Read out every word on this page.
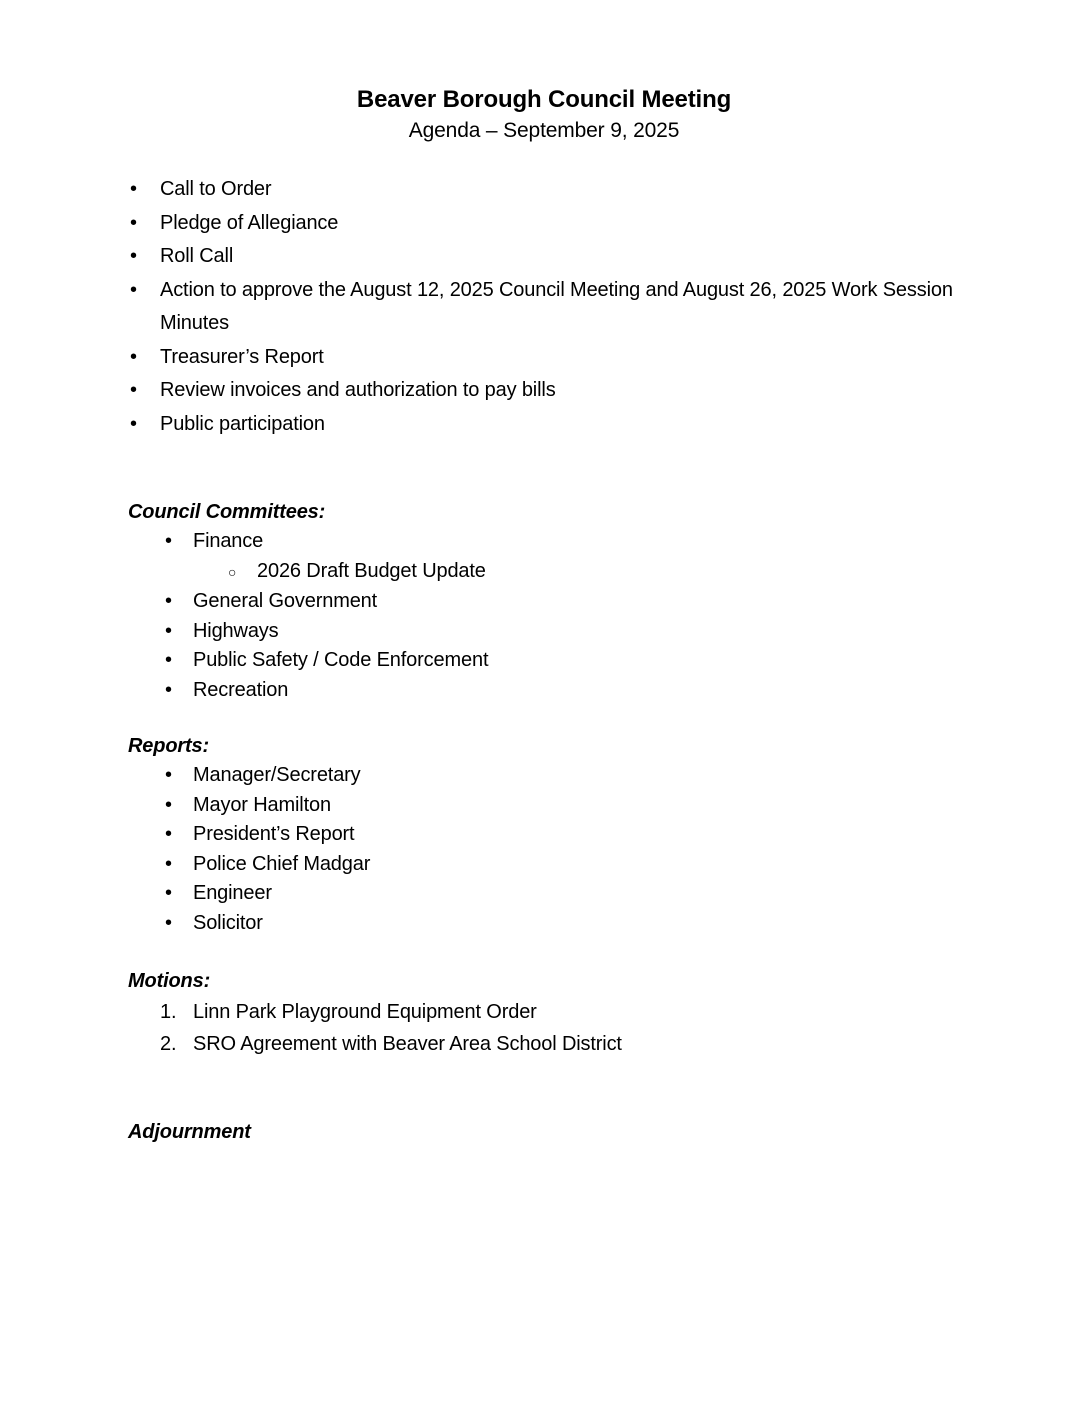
Beaver Borough Council Meeting
Agenda – September 9, 2025
•	Call to Order
•	Pledge of Allegiance
•	Roll Call
•	Action to approve the August 12, 2025 Council Meeting and August 26, 2025 Work Session Minutes
•	Treasurer’s Report
•	Review invoices and authorization to pay bills
•	Public participation
Council Committees:
•	Finance
○	2026 Draft Budget Update
•	General Government
•	Highways
•	Public Safety / Code Enforcement
•	Recreation
Reports:
•	Manager/Secretary
•	Mayor Hamilton
•	President’s Report
•	Police Chief Madgar
•	Engineer
•	Solicitor
Motions:
1. Linn Park Playground Equipment Order
2. SRO Agreement with Beaver Area School District
Adjournment
